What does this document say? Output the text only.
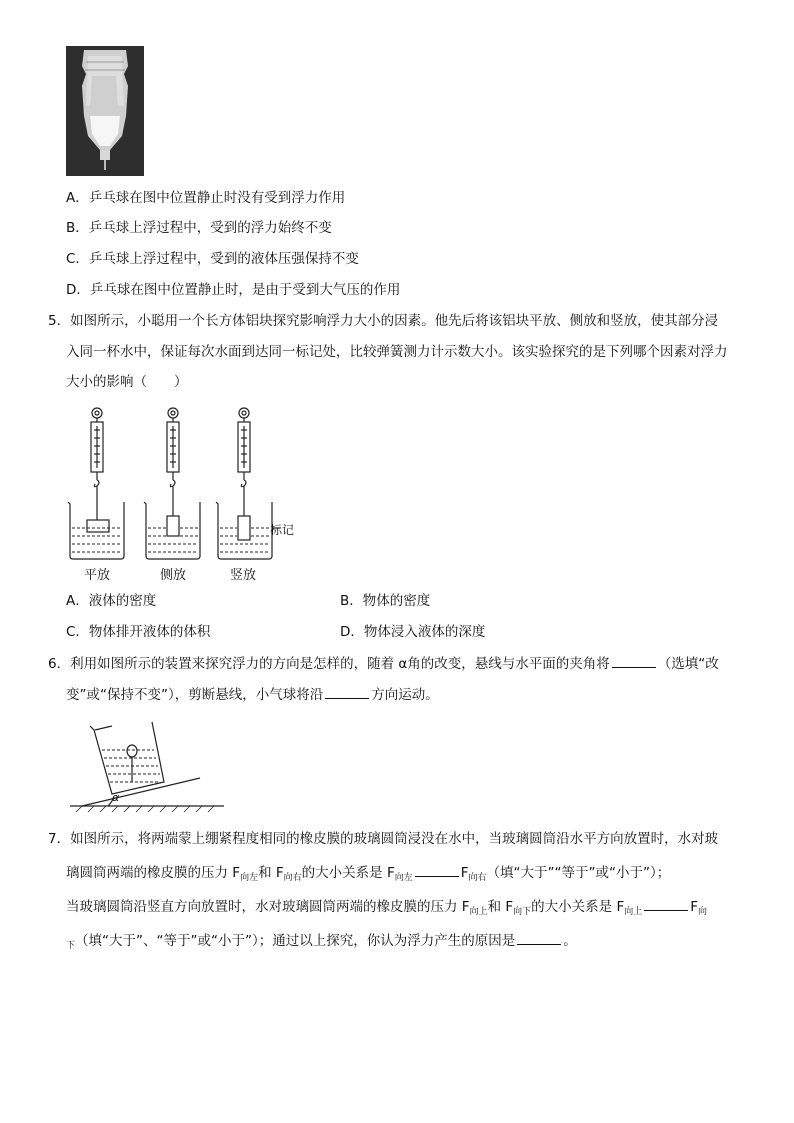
A．乒乓球在图中位置静止时没有受到浮力作用
B．乒乓球上浮过程中，受到的浮力始终不变
C．乒乓球上浮过程中，受到的液体压强保持不变
D．乒乓球在图中位置静止时，是由于受到大气压的作用
5．如图所示，小聪用一个长方体铝块探究影响浮力大小的因素。他先后将该铝块平放、侧放和竖放，使其部分浸
入同一杯水中，保证每次水面到达同一标记处，比较弹簧测力计示数大小。该实验探究的是下列哪个因素对浮力
大小的影响（　　）
平放	侧放	竖放
标记
A．液体的密度	B．物体的密度
C．物体排开液体的体积	D．物体浸入液体的深度
6．利用如图所示的装置来探究浮力的方向是怎样的，随着 α角的改变，悬线与水平面的夹角将	（选填“改
变”或“保持不变”），剪断悬线，小气球将沿	方向运动。
α
7．如图所示，将两端蒙上绷紧程度相同的橡皮膜的玻璃圆筒浸没在水中，当玻璃圆筒沿水平方向放置时，水对玻
璃圆筒两端的橡皮膜的压力 $F_{向左}$和 $F_{向右}$的大小关系是 $F_{向左}$	$F_{向右}$（填“大于”“等于”或“小于”）；
当玻璃圆筒沿竖直方向放置时，水对玻璃圆筒两端的橡皮膜的压力 $F_{向上}$和 $F_{向下}$的大小关系是 $F_{向上}$	$F_向$
$_下$（填“大于”、“等于”或“小于”）；通过以上探究，你认为浮力产生的原因是	。
